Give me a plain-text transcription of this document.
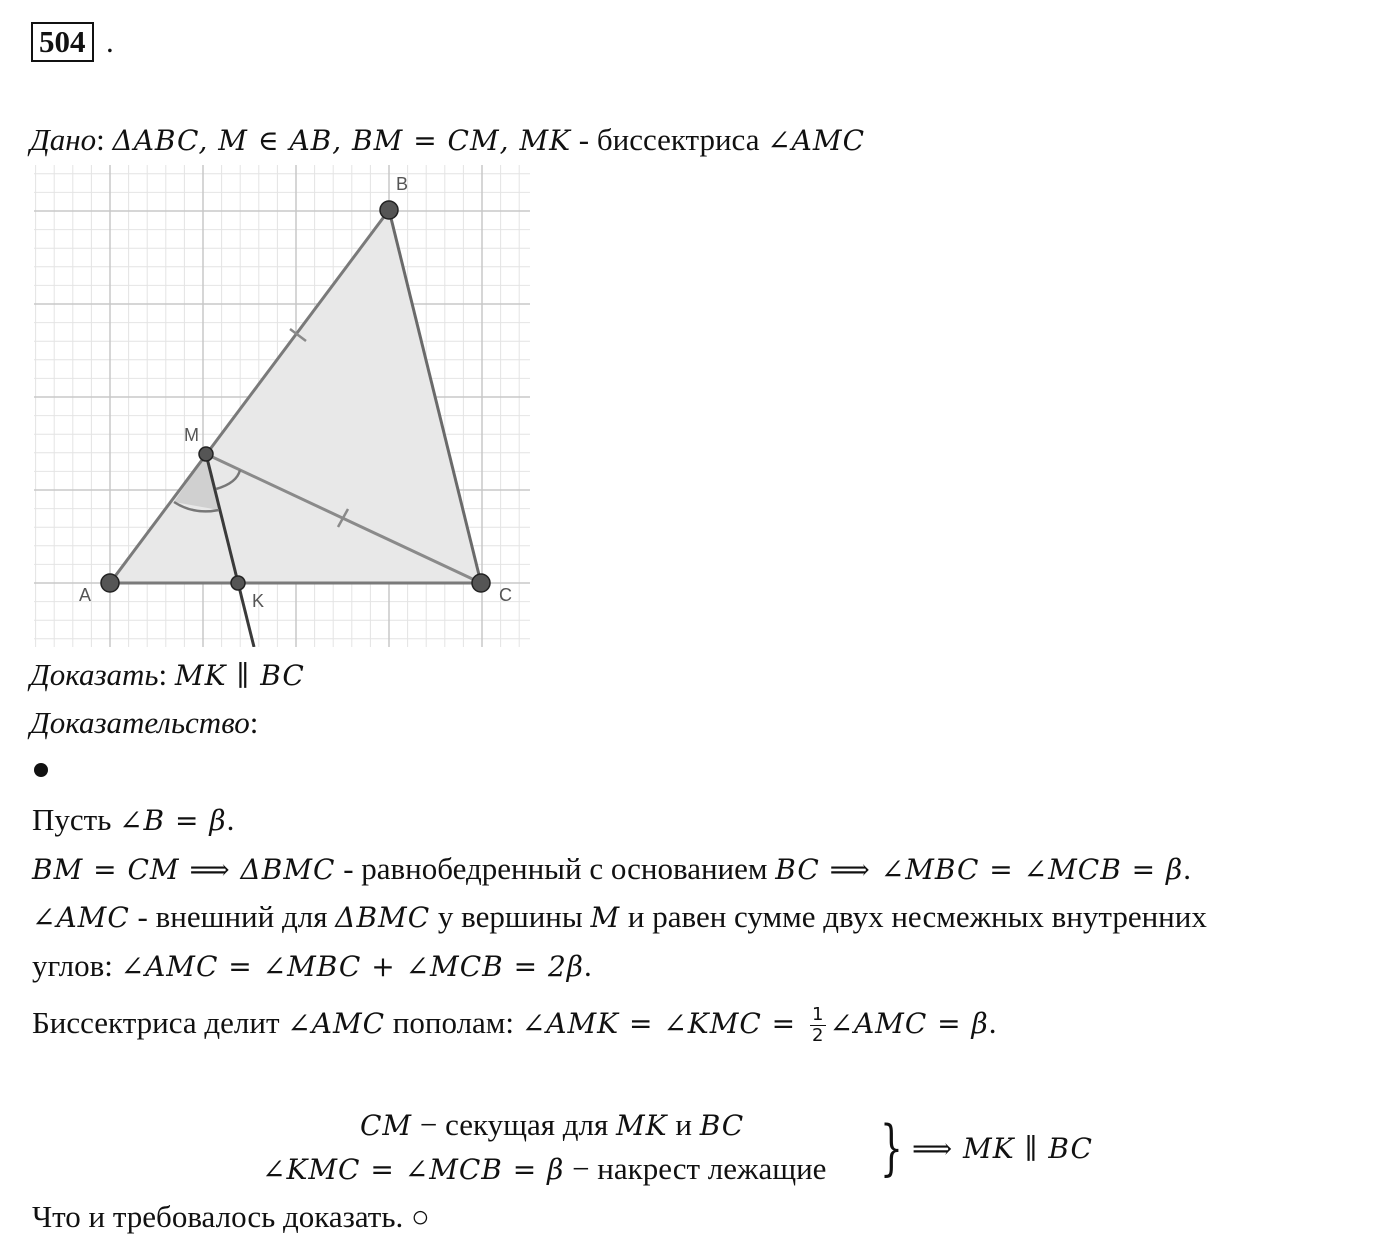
504 .
Дано: ΔABC, M ∈ AB, BM = CM, MK - биссектриса ∠AMC
A
B
C
M
K
Доказать: MK ∥ BC
Доказательство:
Пусть ∠B = β.
BM = CM ⟹ ΔBMC - равнобедренный с основанием BC ⟹ ∠MBC = ∠MCB = β.
∠AMC - внешний для ΔBMC у вершины M и равен сумме двух несмежных внутренних
углов: ∠AMC = ∠MBC + ∠MCB = 2β.
Биссектриса делит ∠AMC пополам: ∠AMK = ∠KMC = $\frac{1}{2}$ ∠AMC = β.
CM − секущая для MK и BC
∠KMC = ∠MCB = β − накрест лежащие } ⟹ MK ∥ BC
Что и требовалось доказать. ○
